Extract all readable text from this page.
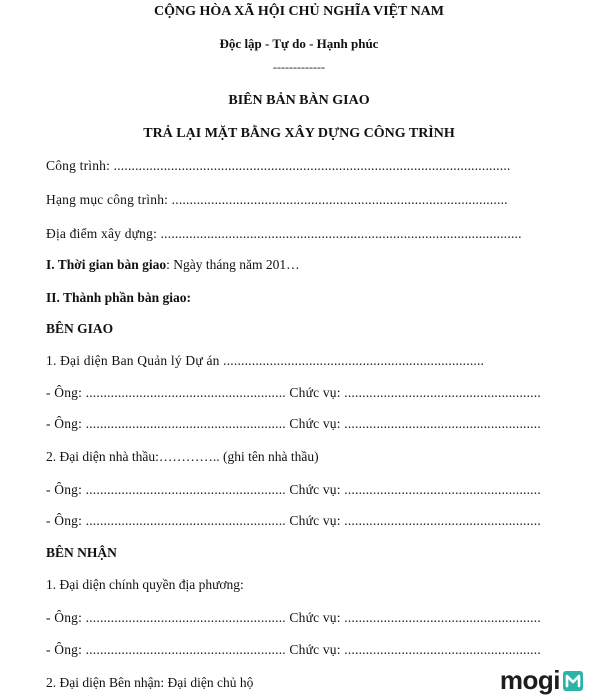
CỘNG HÒA XÃ HỘI CHỦ NGHĨA VIỆT NAM
Độc lập - Tự do - Hạnh phúc
-------------
BIÊN BẢN BÀN GIAO
TRẢ LẠI MẶT BẰNG XÂY DỰNG CÔNG TRÌNH
Công trình: ...............................................................................................................
Hạng mục công trình: ..............................................................................................
Địa điểm xây dựng: .....................................................................................................
I. Thời gian bàn giao: Ngày tháng năm 201…
II. Thành phần bàn giao:
BÊN GIAO
1. Đại diện Ban Quản lý Dự án .........................................................................
- Ông: ........................................................ Chức vụ: .......................................................
- Ông: ........................................................ Chức vụ: .......................................................
2. Đại diện nhà thầu:………….. (ghi tên nhà thầu)
- Ông: ........................................................ Chức vụ: .......................................................
- Ông: ........................................................ Chức vụ: .......................................................
BÊN NHẬN
1. Đại diện chính quyền địa phương:
- Ông: ........................................................ Chức vụ: .......................................................
- Ông: ........................................................ Chức vụ: .......................................................
2. Đại diện Bên nhận: Đại diện chủ hộ	mogi
